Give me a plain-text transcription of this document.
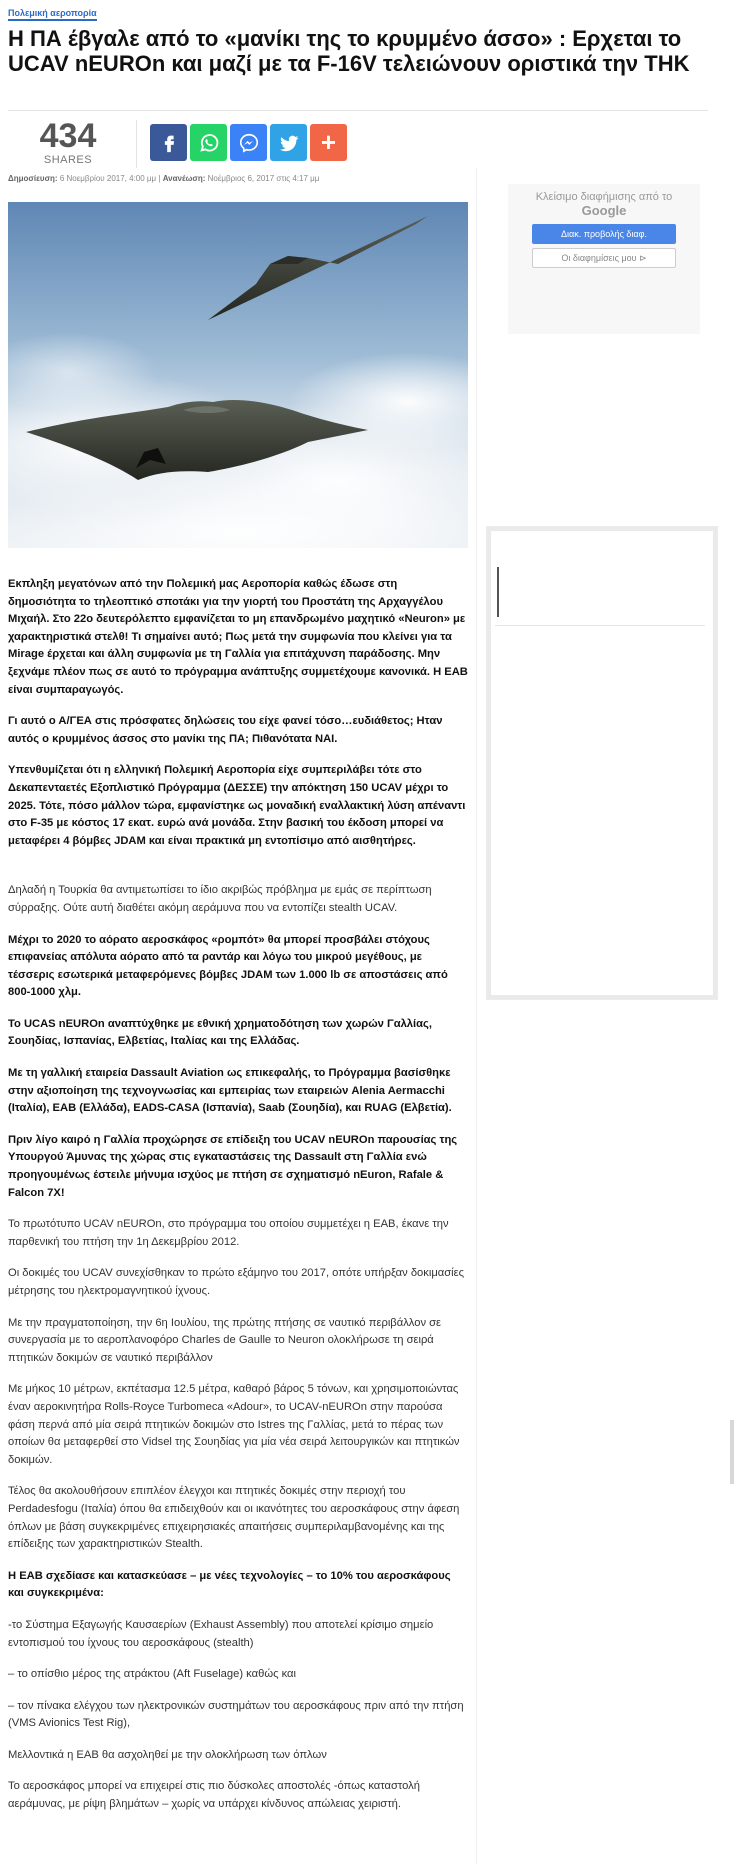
Πολεμική αεροπορία
Η ΠΑ έβγαλε από το «μανίκι της το κρυμμένο άσσο» : Ερχεται το UCAV nEUROn και μαζί με τα F-16V τελειώνουν οριστικά την ΤΗΚ
434
SHARES
+
Δημοσίευση: 6 Νοεμβρίου 2017, 4:00 μμ | Ανανέωση: Νοέμβριος 6, 2017 στις 4:17 μμ

Εκπληξη μεγατόνων από την Πολεμική μας Αεροπορία καθώς έδωσε στη δημοσιότητα το τηλεοπτικό σποτάκι για την γιορτή του Προστάτη της Αρχαγγέλου Μιχαήλ. Στο 22ο δευτερόλεπτο εμφανίζεται το μη επανδρωμένο μαχητικό «Neuron» με χαρακτηριστικά στελθ! Τι σημαίνει αυτό; Πως μετά την συμφωνία που κλείνει για τα Mirage έρχεται και άλλη συμφωνία με τη Γαλλία για επιτάχυνση παράδοσης. Μην ξεχνάμε πλέον πως σε αυτό το πρόγραμμα ανάπτυξης συμμετέχουμε κανονικά. Η ΕΑΒ είναι συμπαραγωγός.

Γι αυτό ο Α/ΓΕΑ στις πρόσφατες δηλώσεις του είχε φανεί τόσο…ευδιάθετος; Ηταν αυτός ο κρυμμένος άσσος στο μανίκι της ΠΑ; Πιθανότατα ΝΑΙ.

Υπενθυμίζεται ότι η ελληνική Πολεμική Αεροπορία είχε συμπεριλάβει τότε στο Δεκαπενταετές Εξοπλιστικό Πρόγραμμα (ΔΕΣΣΕ) την απόκτηση 150 UCAV μέχρι το 2025. Τότε, πόσο μάλλον τώρα, εμφανίστηκε ως μοναδική εναλλακτική λύση απέναντι στο F-35 με κόστος 17 εκατ. ευρώ ανά μονάδα. Στην βασική του έκδοση μπορεί να μεταφέρει 4 βόμβες JDAM και είναι πρακτικά μη εντοπίσιμο από αισθητήρες.

Δηλαδή η Τουρκία θα αντιμετωπίσει το ίδιο ακριβώς πρόβλημα με εμάς σε περίπτωση σύρραξης. Ούτε αυτή διαθέτει ακόμη αεράμυνα που να εντοπίζει stealth UCAV.

Μέχρι το 2020 το αόρατο αεροσκάφος «ρομπότ» θα μπορεί προσβάλει στόχους επιφανείας απόλυτα αόρατο από τα ραντάρ και λόγω του μικρού μεγέθους, με τέσσερις εσωτερικά μεταφερόμενες βόμβες JDAM των 1.000 lb σε αποστάσεις από 800-1000 χλμ.

Το UCAS nEUROn αναπτύχθηκε με εθνική χρηματοδότηση των χωρών Γαλλίας, Σουηδίας, Ισπανίας, Ελβετίας, Ιταλίας και της Ελλάδας.

Με τη γαλλική εταιρεία Dassault Aviation ως επικεφαλής, το Πρόγραμμα βασίσθηκε στην αξιοποίηση της τεχνογνωσίας και εμπειρίας των εταιρειών Alenia Aermacchi (Ιταλία), ΕΑΒ (Ελλάδα), EADS-CASA (Ισπανία), Saab (Σουηδία), και RUAG (Ελβετία).

Πριν λίγο καιρό η Γαλλία προχώρησε σε επίδειξη του UCAV nEUROn παρουσίας της Υπουργού Άμυνας της χώρας στις εγκαταστάσεις της Dassault στη Γαλλία ενώ προηγουμένως έστειλε μήνυμα ισχύος με πτήση σε σχηματισμό nEuron, Rafale & Falcon 7X!

Το πρωτότυπο UCAV nEUROn, στο πρόγραμμα του οποίου συμμετέχει η ΕΑΒ, έκανε την παρθενική του πτήση την 1η Δεκεμβρίου 2012.

Οι δοκιμές του UCAV συνεχίσθηκαν το πρώτο εξάμηνο του 2017, οπότε υπήρξαν δοκιμασίες μέτρησης του ηλεκτρομαγνητικού ίχνους.

Με την πραγματοποίηση, την 6η Ιουλίου, της πρώτης πτήσης σε ναυτικό περιβάλλον σε συνεργασία με το αεροπλανοφόρο Charles de Gaulle το Neuron ολοκλήρωσε τη σειρά πτητικών δοκιμών σε ναυτικό περιβάλλον

Με μήκος 10 μέτρων, εκπέτασμα 12.5 μέτρα, καθαρό βάρος 5 τόνων, και χρησιμοποιώντας έναν αεροκινητήρα Rolls-Royce Turbomeca «Adour», το UCAV-nEUROn στην παρούσα φάση περνά από μία σειρά πτητικών δοκιμών στο Istres της Γαλλίας, μετά το πέρας των οποίων θα μεταφερθεί στο Vidsel της Σουηδίας για μία νέα σειρά λειτουργικών και πτητικών δοκιμών.

Τέλος θα ακολουθήσουν επιπλέον έλεγχοι και πτητικές δοκιμές στην περιοχή του Perdadesfogu (Ιταλία) όπου θα επιδειχθούν και οι ικανότητες του αεροσκάφους στην άφεση όπλων με βάση συγκεκριμένες επιχειρησιακές απαιτήσεις συμπεριλαμβανομένης και της επίδειξης των χαρακτηριστικών Stealth.

Η ΕΑΒ σχεδίασε και κατασκεύασε – με νέες τεχνολογίες – το 10% του αεροσκάφους και συγκεκριμένα:

-το Σύστημα Εξαγωγής Καυσαερίων (Exhaust Assembly) που αποτελεί κρίσιμο σημείο εντοπισμού του ίχνους του αεροσκάφους (stealth)

– το οπίσθιο μέρος της ατράκτου (Aft Fuselage) καθώς και

– τον πίνακα ελέγχου των ηλεκτρονικών συστημάτων του αεροσκάφους πριν από την πτήση (VMS Avionics Test Rig),

Μελλοντικά η ΕΑΒ θα ασχοληθεί με την ολοκλήρωση των όπλων

Το αεροσκάφος μπορεί να επιχειρεί στις πιο δύσκολες αποστολές -όπως καταστολή αεράμυνας, με ρίψη βλημάτων – χωρίς να υπάρχει κίνδυνος απώλειας χειριστή.

Κλείσιμο διαφήμισης από το
Google
Διακ. προβολής διαφ.
Οι διαφημίσεις μου ⊳
